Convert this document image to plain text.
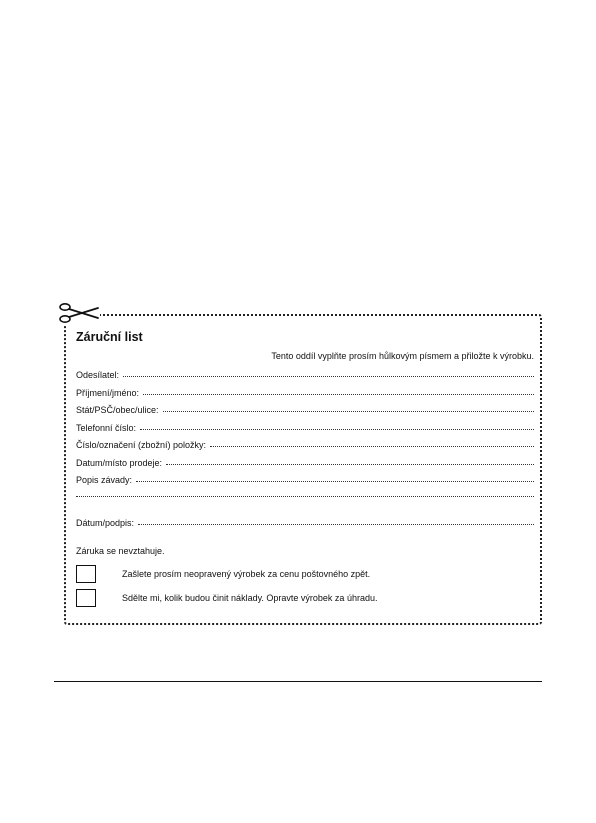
Záruční list
Tento oddíl vyplňte prosím hůlkovým písmem a přiložte k výrobku.
Odesílatel:
Příjmení/jméno:
Stát/PSČ/obec/ulice:
Telefonní číslo:
Číslo/označení (zbožní) položky:
Datum/místo prodeje:
Popis závady:
Dátum/podpis:
Záruka se nevztahuje.
Zašlete prosím neopravený výrobek za cenu poštovného zpět.
Sdělte mi, kolik budou činit náklady. Opravte výrobek za úhradu.
